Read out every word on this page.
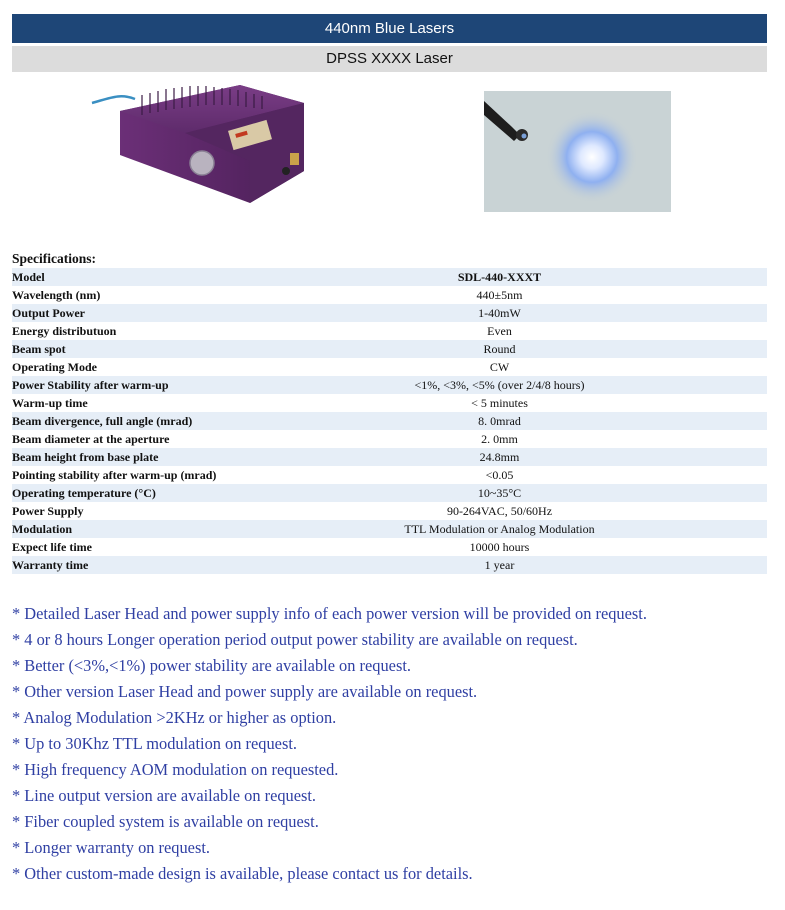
440nm Blue Lasers
DPSS XXXX Laser
Specifications:
Model	SDL-440-XXXT
Wavelength (nm)	440±5nm
Output Power	1-40mW
Energy distributuon	Even
Beam spot	Round
Operating Mode	CW
Power Stability after warm-up	<1%, <3%, <5% (over 2/4/8 hours)
Warm-up time	< 5 minutes
Beam divergence, full angle (mrad)	8. 0mrad
Beam diameter at the aperture	2. 0mm
Beam height from base plate	24.8mm
Pointing stability after warm-up (mrad)	<0.05
Operating temperature (°C)	10~35°C
Power Supply	90-264VAC, 50/60Hz
Modulation	TTL Modulation or Analog Modulation
Expect life time	10000 hours
Warranty time	1 year
* Detailed Laser Head and power supply info of each power version will be provided on request.
* 4 or 8 hours Longer operation period output power stability are available on request.
* Better (<3%,<1%) power stability are available on request.
* Other version Laser Head and power supply are available on request.
* Analog Modulation >2KHz or higher as option.
* Up to 30Khz TTL modulation on request.
* High frequency AOM modulation on requested.
* Line output version are available on request.
* Fiber coupled system is available on request.
* Longer warranty on request.
* Other custom-made design is available, please contact us for details.
